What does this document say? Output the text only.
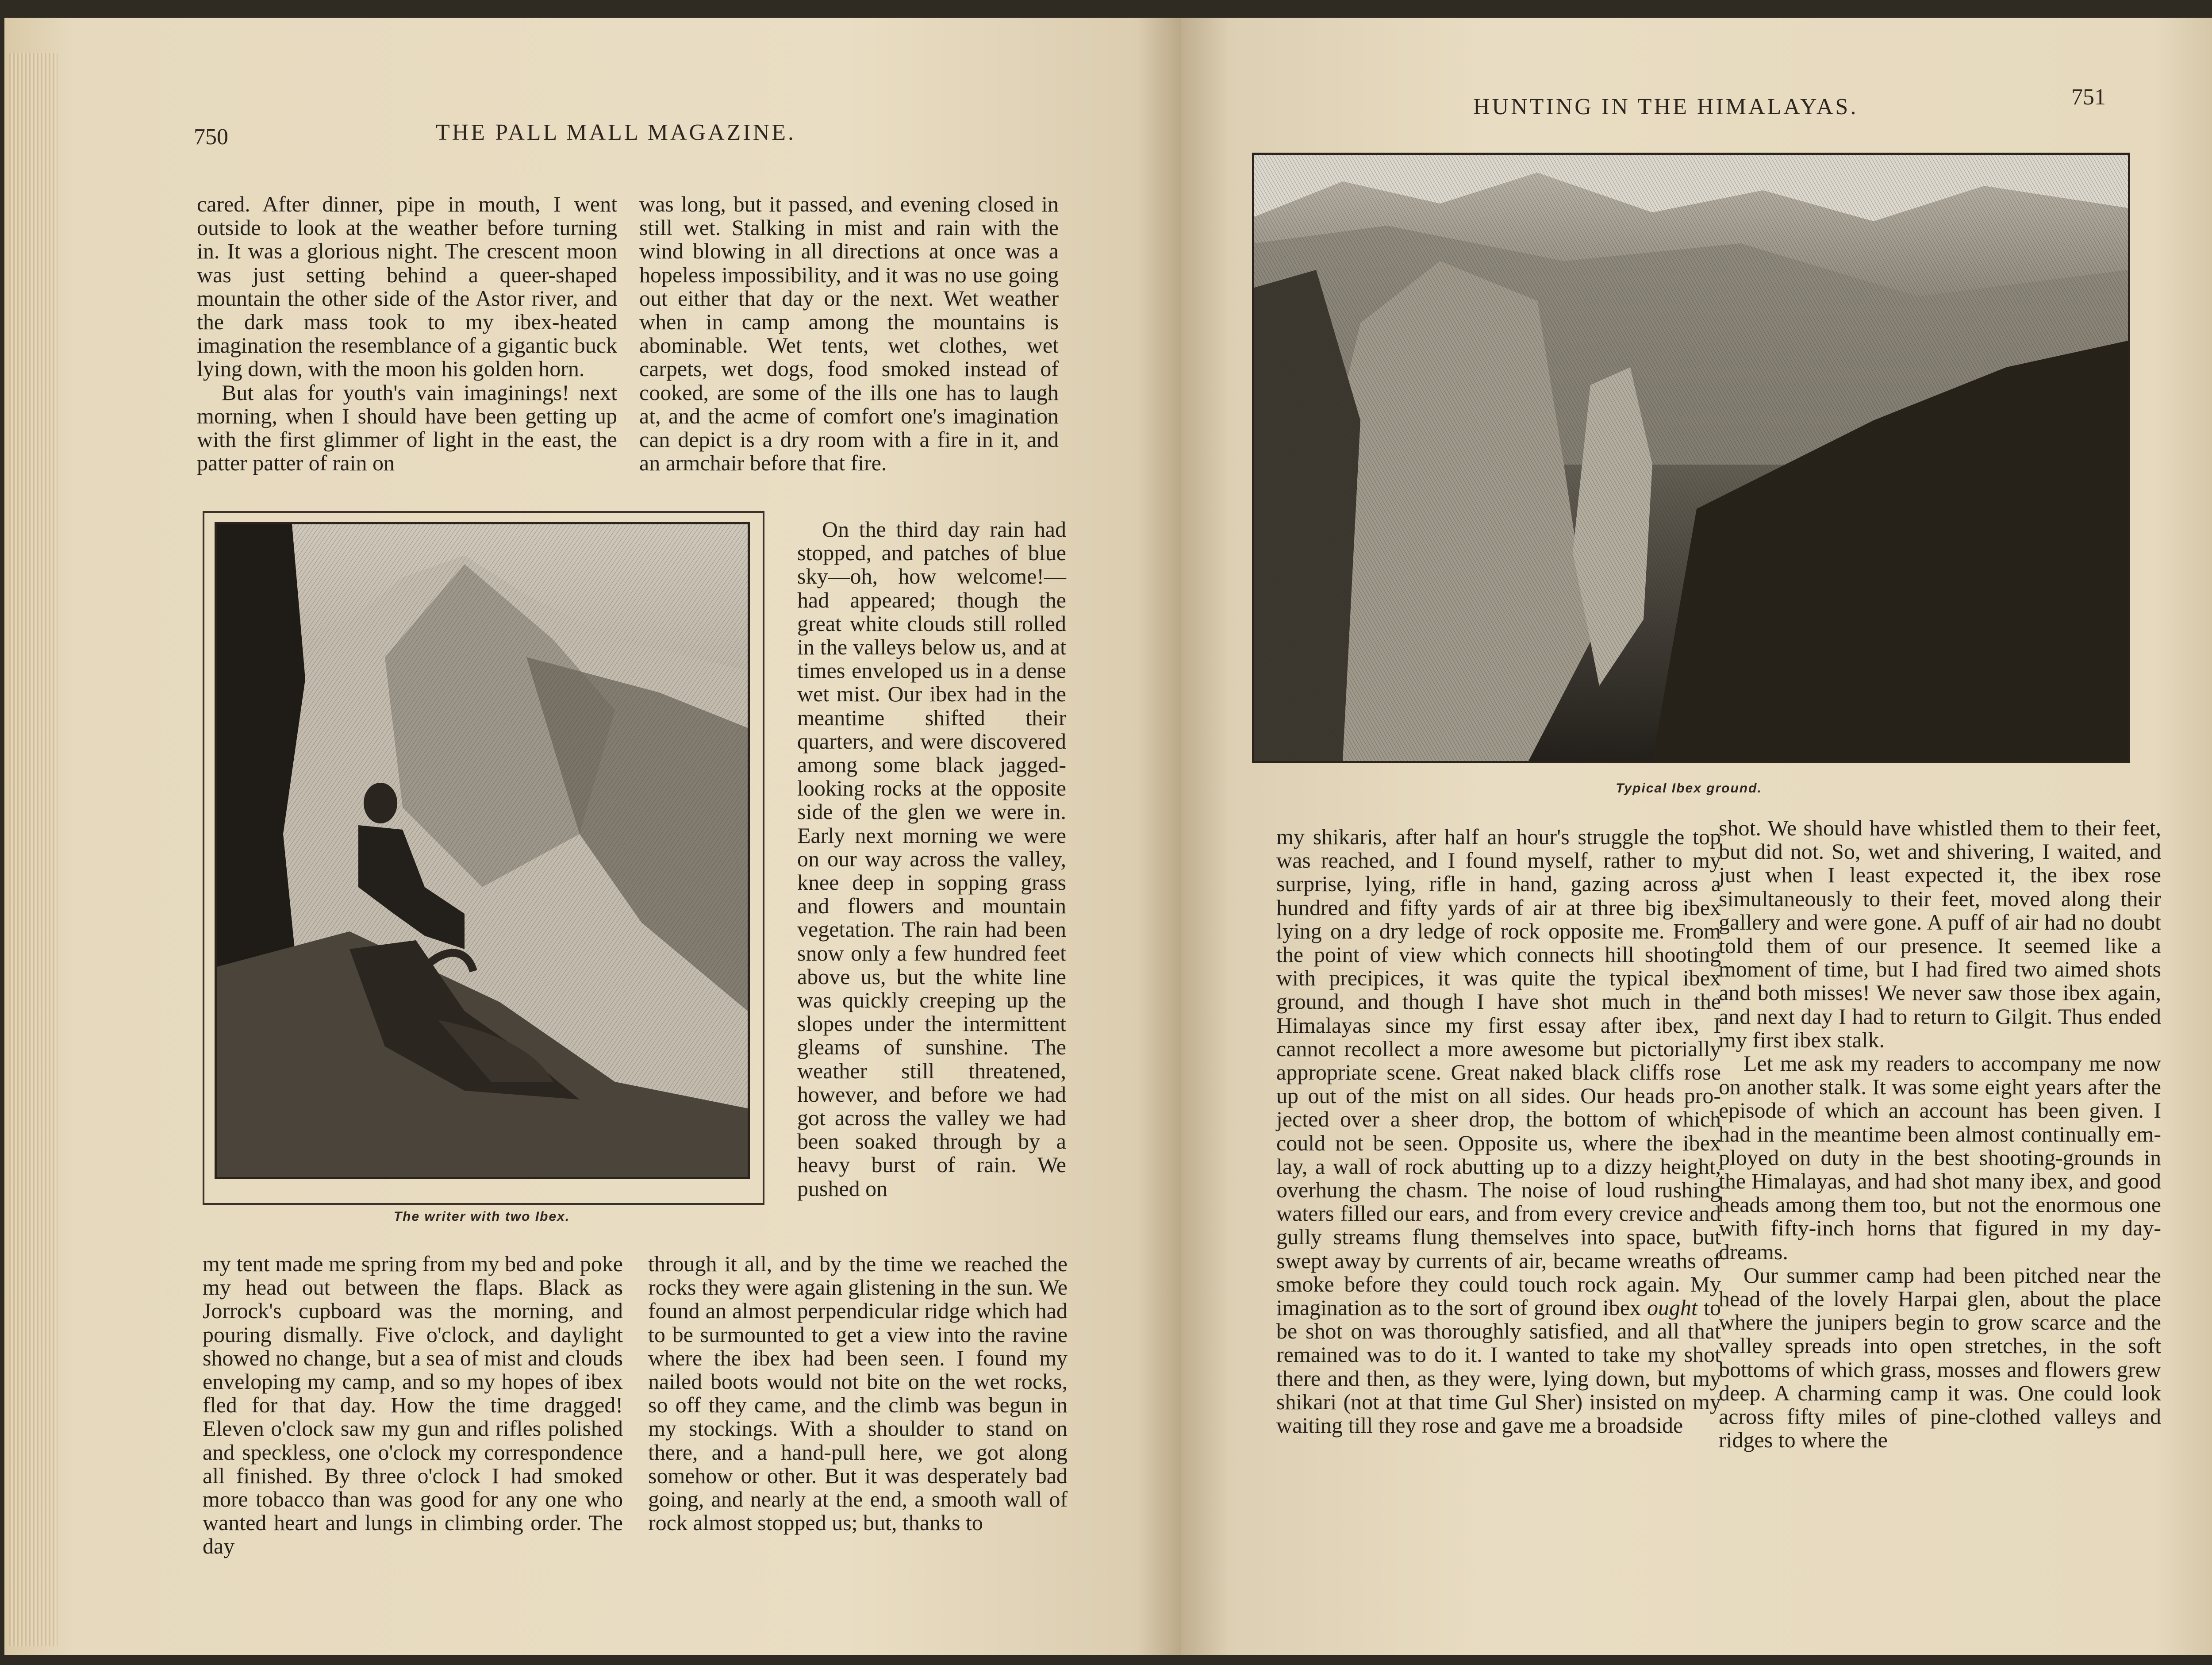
750	THE PALL MALL MAGAZINE.

cared. After dinner, pipe in mouth, I went outside to look at the weather before turning in. It was a glorious night. The crescent moon was just setting behind a queer-shaped mountain the other side of the Astor river, and the dark mass took to my ibex-heated imagination the resemblance of a gigantic buck lying down, with the moon his golden horn.

But alas for youth's vain imaginings! next morning, when I should have been getting up with the first glimmer of light in the east, the patter patter of rain on

was long, but it passed, and evening closed in still wet. Stalking in mist and rain with the wind blowing in all directions at once was a hopeless impossibility, and it was no use going out either that day or the next. Wet weather when in camp among the mountains is abominable. Wet tents, wet clothes, wet carpets, wet dogs, food smoked instead of cooked, are some of the ills one has to laugh at, and the acme of comfort one's imagination can depict is a dry room with a fire in it, and an armchair before that fire.

The writer with two Ibex.

On the third day rain had stopped, and patches of blue sky—oh, how welcome!—had appeared; though the great white clouds still rolled in the valleys below us, and at times enveloped us in a dense wet mist. Our ibex had in the meantime shifted their quarters, and were discovered among some black jagged-looking rocks at the opposite side of the glen we were in. Early next morning we were on our way across the valley, knee deep in sopping grass and flowers and mountain vegetation. The rain had been snow only a few hundred feet above us, but the white line was quickly creeping up the slopes under the intermittent gleams of sunshine. The weather still threatened, however, and before we had got across the valley we had been soaked through by a heavy burst of rain. We pushed on

my tent made me spring from my bed and poke my head out between the flaps. Black as Jorrock's cupboard was the morning, and pouring dismally. Five o'clock, and daylight showed no change, but a sea of mist and clouds enveloping my camp, and so my hopes of ibex fled for that day. How the time dragged! Eleven o'clock saw my gun and rifles polished and speckless, one o'clock my correspondence all finished. By three o'clock I had smoked more tobacco than was good for any one who wanted heart and lungs in climbing order. The day

through it all, and by the time we reached the rocks they were again glistening in the sun. We found an almost perpendicular ridge which had to be surmounted to get a view into the ravine where the ibex had been seen. I found my nailed boots would not bite on the wet rocks, so off they came, and the climb was begun in my stockings. With a shoulder to stand on there, and a hand-pull here, we got along somehow or other. But it was desperately bad going, and nearly at the end, a smooth wall of rock almost stopped us; but, thanks to

HUNTING IN THE HIMALAYAS.	751
Typical Ibex ground.

my shikaris, after half an hour's struggle the top was reached, and I found myself, rather to my surprise, lying, rifle in hand, gazing across a hundred and fifty yards of air at three big ibex lying on a dry ledge of rock opposite me. From the point of view which connects hill shooting with precipices, it was quite the typical ibex ground, and though I have shot much in the Himalayas since my first essay after ibex, I cannot recollect a more awesome but pictorially appropriate scene. Great naked black cliffs rose up out of the mist on all sides. Our heads projected over a sheer drop, the bottom of which could not be seen. Opposite us, where the ibex lay, a wall of rock abutting up to a dizzy height, overhung the chasm. The noise of loud rushing waters filled our ears, and from every crevice and gully streams flung themselves into space, but swept away by currents of air, became wreaths of smoke before they could touch rock again. My imagination as to the sort of ground ibex ought to be shot on was thoroughly satisfied, and all that remained was to do it. I wanted to take my shot there and then, as they were, lying down, but my shikari (not at that time Gul Sher) insisted on my waiting till they rose and gave me a broadside

shot. We should have whistled them to their feet, but did not. So, wet and shivering, I waited, and just when I least expected it, the ibex rose simultaneously to their feet, moved along their gallery and were gone. A puff of air had no doubt told them of our presence. It seemed like a moment of time, but I had fired two aimed shots and both misses! We never saw those ibex again, and next day I had to return to Gilgit. Thus ended my first ibex stalk.

Let me ask my readers to accompany me now on another stalk. It was some eight years after the episode of which an account has been given. I had in the meantime been almost continually employed on duty in the best shooting-grounds in the Himalayas, and had shot many ibex, and good heads among them too, but not the enormous one with fifty-inch horns that figured in my day-dreams.

Our summer camp had been pitched near the head of the lovely Harpai glen, about the place where the junipers begin to grow scarce and the valley spreads into open stretches, in the soft bottoms of which grass, mosses and flowers grew deep. A charming camp it was. One could look across fifty miles of pine-clothed valleys and ridges to where the
